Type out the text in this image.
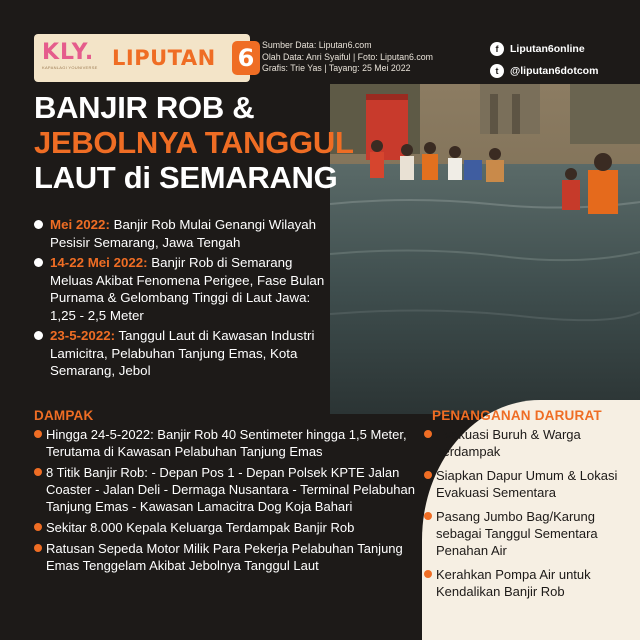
KLY.
KAPANLAGI YOUNIVERSE LIPUTAN 6 Sumber Data: Liputan6.com
Olah Data: Anri Syaiful | Foto: Liputan6.com
Grafis: Trie Yas | Tayang: 25 Mei 2022
f	Liputan6online
t	@liputan6dotcom
BANJIR ROB &
JEBOLNYA TANGGUL
LAUT di SEMARANG
Mei 2022: Banjir Rob Mulai Genangi Wilayah Pesisir Semarang, Jawa Tengah
14-22 Mei 2022: Banjir Rob di Semarang Meluas Akibat Fenomena Perigee, Fase Bulan Purnama & Gelombang Tinggi di Laut Jawa:
1,25 - 2,5 Meter
23-5-2022: Tanggul Laut di Kawasan Industri Lamicitra, Pelabuhan Tanjung Emas, Kota Semarang, Jebol
DAMPAK
Hingga 24-5-2022: Banjir Rob 40 Sentimeter hingga 1,5 Meter, Terutama di Kawasan Pelabuhan Tanjung Emas
8 Titik Banjir Rob: - Depan Pos 1 - Depan Polsek KPTE Jalan Coaster - Jalan Deli - Dermaga Nusantara - Terminal Pelabuhan Tanjung Emas - Kawasan Lamacitra Dog Koja Bahari
Sekitar 8.000 Kepala Keluarga Terdampak Banjir Rob
Ratusan Sepeda Motor Milik Para Pekerja Pelabuhan Tanjung Emas Tenggelam Akibat Jebolnya Tanggul Laut
PENANGANAN DARURAT
Evakuasi Buruh & Warga Terdampak
Siapkan Dapur Umum & Lokasi Evakuasi Sementara
Pasang Jumbo Bag/Karung sebagai Tanggul Sementara Penahan Air
Kerahkan Pompa Air untuk Kendalikan Banjir Rob
